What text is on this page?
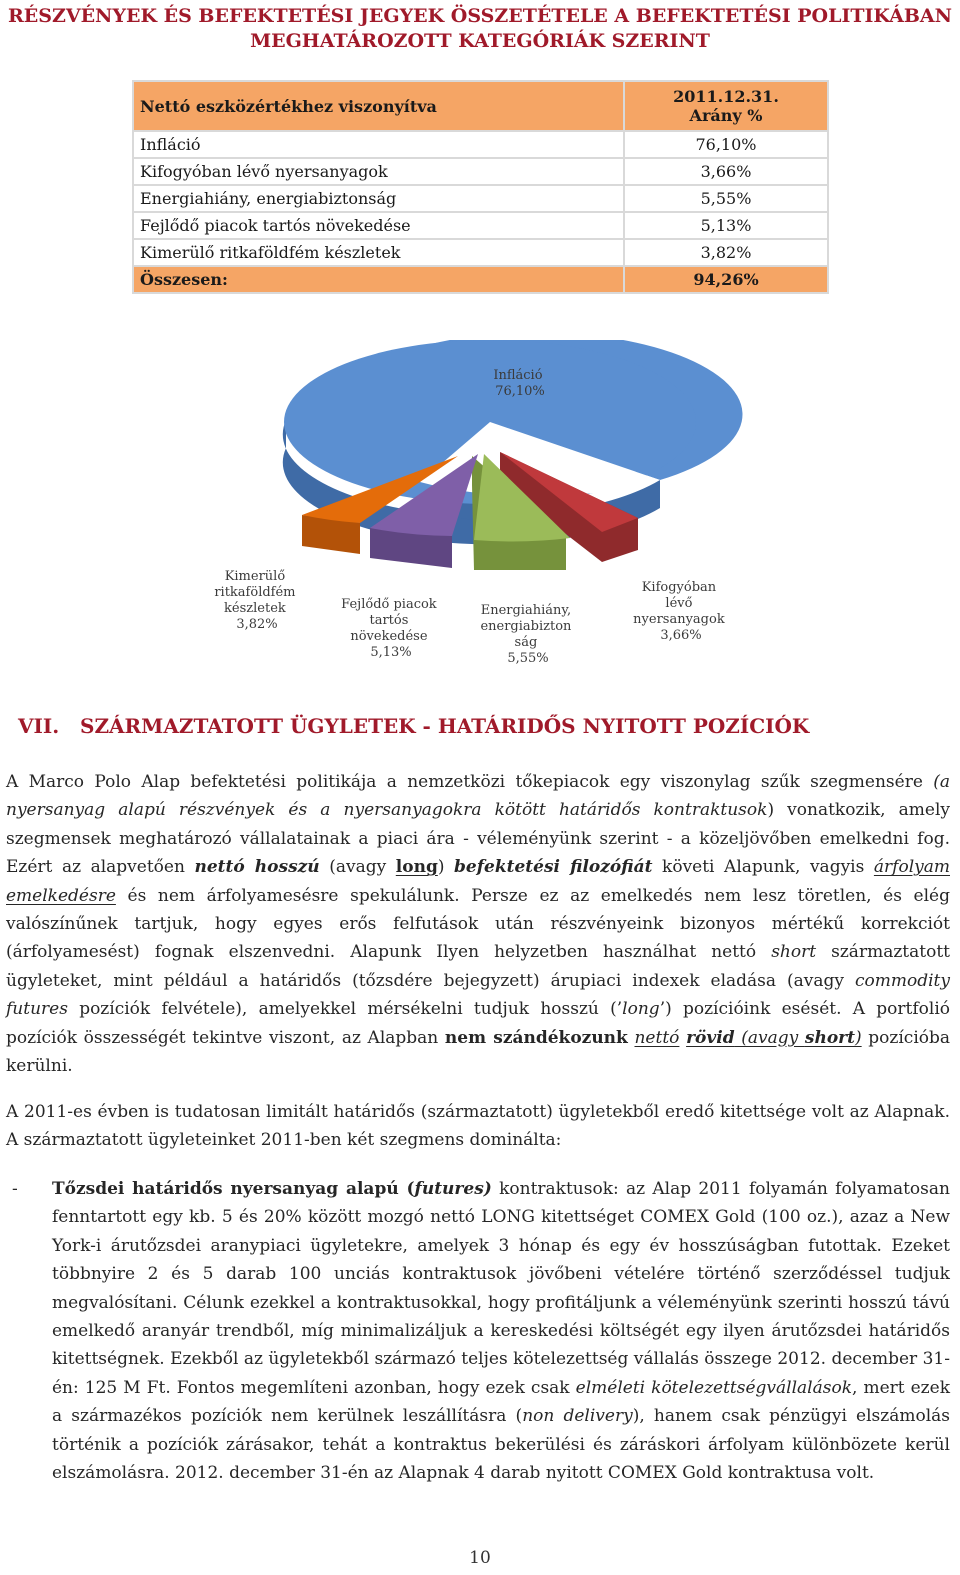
RÉSZVÉNYEK ÉS BEFEKTETÉSI JEGYEK ÖSSZETÉTELE A BEFEKTETÉSI POLITIKÁBAN
MEGHATÁROZOTT KATEGÓRIÁK SZERINT
Nettó eszközértékhez viszonyítva	2011.12.31.
Arány %

Infláció	76,10%
Kifogyóban lévő nyersanyagok	3,66%
Energiahiány, energiabiztonság	5,55%
Fejlődő piacok tartós növekedése	5,13%
Kimerülő ritkaföldfém készletek	3,82%
Összesen:	94,26%
Infláció 76,10%
Kifogyóban lévő nyersanyagok 3,66%
Energiahiány, energiabizton ság 5,55%
Fejlődő piacok tartós növekedése 5,13%
Kimerülő ritkaföldfém készletek 3,82%
VII. SZÁRMAZTATOTT ÜGYLETEK - HATÁRIDŐS NYITOTT POZÍCIÓK
A Marco Polo Alap befektetési politikája a nemzetközi tőkepiacok egy viszonylag szűk szegmensére (a nyersanyag alapú részvények és a nyersanyagokra kötött határidős kontraktusok) vonatkozik, amely szegmensek meghatározó vállalatainak a piaci ára - véleményünk szerint - a közeljövőben emelkedni fog. Ezért az alapvetően nettó hosszú (avagy long) befektetési filozófiát követi Alapunk, vagyis árfolyam emelkedésre és nem árfolyamesésre spekulálunk. Persze ez az emelkedés nem lesz töretlen, és elég valószínűnek tartjuk, hogy egyes erős felfutások után részvényeink bizonyos mértékű korrekciót (árfolyamesést) fognak elszenvedni. Alapunk Ilyen helyzetben használhat nettó short származtatott ügyleteket, mint például a határidős (tőzsdére bejegyzett) árupiaci indexek eladása (avagy commodity futures pozíciók felvétele), amelyekkel mérsékelni tudjuk hosszú (’long’) pozícióink esését. A portfolió pozíciók összességét tekintve viszont, az Alapban nem szándékozunk nettó rövid (avagy short) pozícióba kerülni.
A 2011-es évben is tudatosan limitált határidős (származtatott) ügyletekből eredő kitettsége volt az Alapnak. A származtatott ügyleteinket 2011-ben két szegmens dominálta:
- Tőzsdei határidős nyersanyag alapú (futures) kontraktusok: az Alap 2011 folyamán folyamatosan fenntartott egy kb. 5 és 20% között mozgó nettó LONG kitettséget COMEX Gold (100 oz.), azaz a New York-i árutőzsdei aranypiaci ügyletekre, amelyek 3 hónap és egy év hosszúságban futottak. Ezeket többnyire 2 és 5 darab 100 unciás kontraktusok jövőbeni vételére történő szerződéssel tudjuk megvalósítani. Célunk ezekkel a kontraktusokkal, hogy profitáljunk a véleményünk szerinti hosszú távú emelkedő aranyár trendből, míg minimalizáljuk a kereskedési költségét egy ilyen árutőzsdei határidős kitettségnek. Ezekből az ügyletekből származó teljes kötelezettség vállalás összege 2012. december 31-én: 125 M Ft. Fontos megemlíteni azonban, hogy ezek csak elméleti kötelezettségvállalások, mert ezek a származékos pozíciók nem kerülnek leszállításra (non delivery), hanem csak pénzügyi elszámolás történik a pozíciók zárásakor, tehát a kontraktus bekerülési és záráskori árfolyam különbözete kerül elszámolásra. 2012. december 31-én az Alapnak 4 darab nyitott COMEX Gold kontraktusa volt.
10
